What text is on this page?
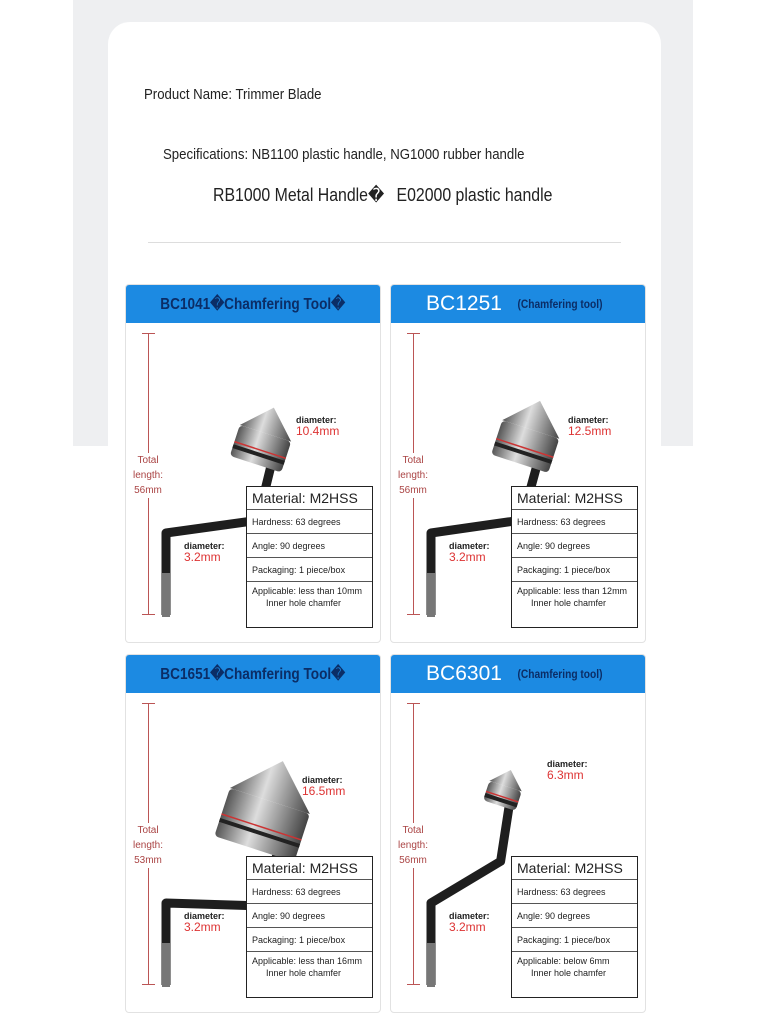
Product Name: Trimmer Blade
Specifications: NB1100 plastic handle, NG1000 rubber handle
RB1000 Metal Handle� E02000 plastic handle
BC1041�Chamfering Tool�
Total length: 56mm
diameter:
10.4mm
diameter:
3.2mm
Material: M2HSS
Hardness: 63 degrees
Angle: 90 degrees
Packaging: 1 piece/box
Applicable: less than 10mm
Inner hole chamfer
BC1251 (Chamfering tool)
Total length: 56mm
diameter:
12.5mm
diameter:
3.2mm
Material: M2HSS
Hardness: 63 degrees
Angle: 90 degrees
Packaging: 1 piece/box
Applicable: less than 12mm
Inner hole chamfer
BC1651�Chamfering Tool�
Total length: 53mm
diameter:
16.5mm
diameter:
3.2mm
Material: M2HSS
Hardness: 63 degrees
Angle: 90 degrees
Packaging: 1 piece/box
Applicable: less than 16mm
Inner hole chamfer
BC6301 (Chamfering tool)
Total length: 56mm
diameter:
6.3mm
diameter:
3.2mm
Material: M2HSS
Hardness: 63 degrees
Angle: 90 degrees
Packaging: 1 piece/box
Applicable: below 6mm
Inner hole chamfer
